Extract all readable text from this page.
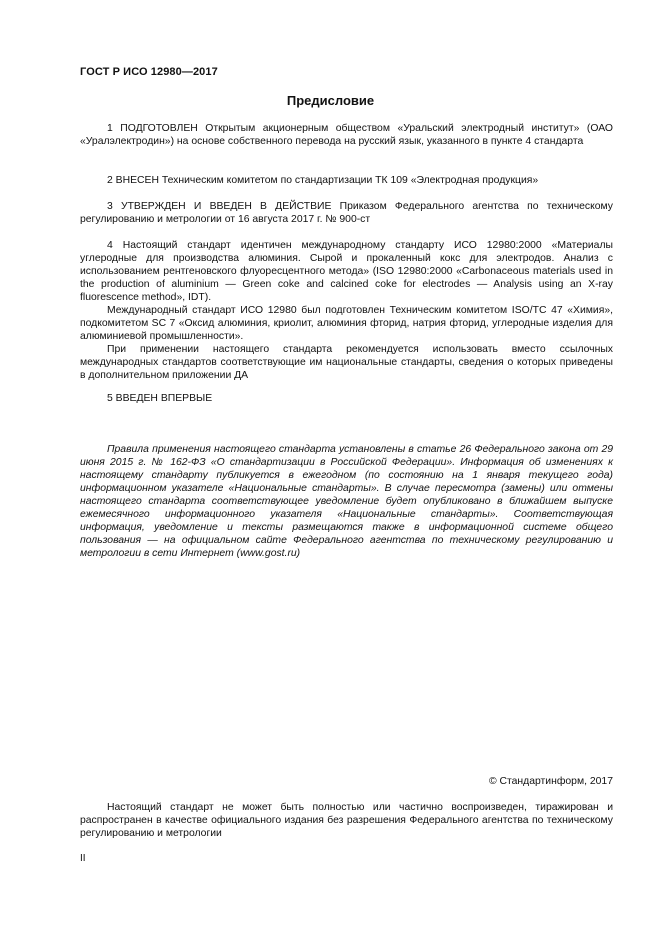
ГОСТ Р ИСО 12980—2017
Предисловие
1 ПОДГОТОВЛЕН Открытым акционерным обществом «Уральский электродный институт» (ОАО «Уралэлектродин») на основе собственного перевода на русский язык, указанного в пункте 4 стандарта
2 ВНЕСЕН Техническим комитетом по стандартизации ТК 109 «Электродная продукция»
3 УТВЕРЖДЕН И ВВЕДЕН В ДЕЙСТВИЕ Приказом Федерального агентства по техническому регулированию и метрологии от 16 августа 2017 г. № 900-ст
4 Настоящий стандарт идентичен международному стандарту ИСО 12980:2000 «Материалы углеродные для производства алюминия. Сырой и прокаленный кокс для электродов. Анализ с использованием рентгеновского флуоресцентного метода» (ISO 12980:2000 «Carbonaceous materials used in the production of aluminium — Green coke and calcined coke for electrodes — Analysis using an X-ray fluorescence method», IDT).
Международный стандарт ИСО 12980 был подготовлен Техническим комитетом ISO/TC 47 «Химия», подкомитетом SC 7 «Оксид алюминия, криолит, алюминия фторид, натрия фторид, углеродные изделия для алюминиевой промышленности».
При применении настоящего стандарта рекомендуется использовать вместо ссылочных международных стандартов соответствующие им национальные стандарты, сведения о которых приведены в дополнительном приложении ДА
5 ВВЕДЕН ВПЕРВЫЕ
Правила применения настоящего стандарта установлены в статье 26 Федерального закона от 29 июня 2015 г. № 162-ФЗ «О стандартизации в Российской Федерации». Информация об изменениях к настоящему стандарту публикуется в ежегодном (по состоянию на 1 января текущего года) информационном указателе «Национальные стандарты». В случае пересмотра (замены) или отмены настоящего стандарта соответствующее уведомление будет опубликовано в ближайшем выпуске ежемесячного информационного указателя «Национальные стандарты». Соответствующая информация, уведомление и тексты размещаются также в информационной системе общего пользования — на официальном сайте Федерального агентства по техническому регулированию и метрологии в сети Интернет (www.gost.ru)
© Стандартинформ, 2017
Настоящий стандарт не может быть полностью или частично воспроизведен, тиражирован и распространен в качестве официального издания без разрешения Федерального агентства по техническому регулированию и метрологии
II
